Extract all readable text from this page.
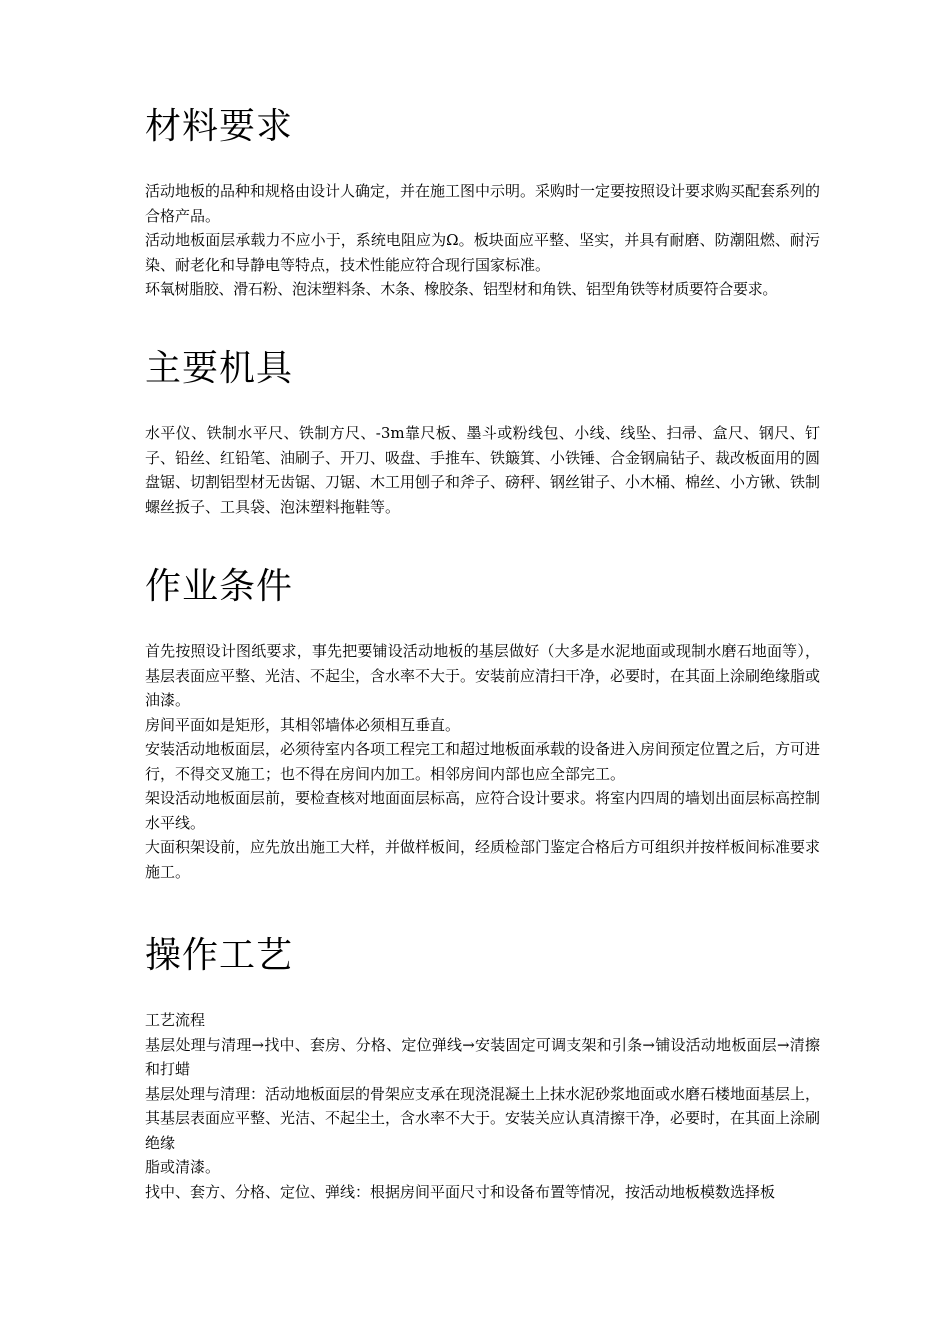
材料要求

活动地板的品种和规格由设计人确定，并在施工图中示明。采购时一定要按照设计要求购买配套系列的合格产品。

活动地板面层承载力不应小于，系统电阻应为Ω。板块面应平整、坚实，并具有耐磨、防潮阻燃、耐污染、耐老化和导静电等特点，技术性能应符合现行国家标准。

环氧树脂胶、滑石粉、泡沫塑料条、木条、橡胶条、铝型材和角铁、铝型角铁等材质要符合要求。

主要机具

水平仪、铁制水平尺、铁制方尺、-3m靠尺板、墨斗或粉线包、小线、线坠、扫帚、盒尺、钢尺、钉子、铅丝、红铅笔、油刷子、开刀、吸盘、手推车、铁簸箕、小铁锤、合金钢扁钻子、裁改板面用的圆盘锯、切割铝型材无齿锯、刀锯、木工用刨子和斧子、磅秤、钢丝钳子、小木桶、棉丝、小方锹、铁制螺丝扳子、工具袋、泡沫塑料拖鞋等。

作业条件

首先按照设计图纸要求，事先把要铺设活动地板的基层做好（大多是水泥地面或现制水磨石地面等），基层表面应平整、光洁、不起尘，含水率不大于。安装前应清扫干净，必要时，在其面上涂刷绝缘脂或油漆。

房间平面如是矩形，其相邻墙体必须相互垂直。

安装活动地板面层，必须待室内各项工程完工和超过地板面承载的设备进入房间预定位置之后，方可进行，不得交叉施工；也不得在房间内加工。相邻房间内部也应全部完工。

架设活动地板面层前，要检查核对地面面层标高，应符合设计要求。将室内四周的墙划出面层标高控制水平线。

大面积架设前，应先放出施工大样，并做样板间，经质检部门鉴定合格后方可组织并按样板间标准要求施工。

操作工艺

工艺流程

基层处理与清理→找中、套房、分格、定位弹线→安装固定可调支架和引条→铺设活动地板面层→清擦和打蜡

基层处理与清理：活动地板面层的骨架应支承在现浇混凝土上抹水泥砂浆地面或水磨石楼地面基层上，其基层表面应平整、光洁、不起尘土，含水率不大于。安装关应认真清擦干净，必要时，在其面上涂刷绝缘

脂或清漆。

找中、套方、分格、定位、弹线：根据房间平面尺寸和设备布置等情况，按活动地板模数选择板
